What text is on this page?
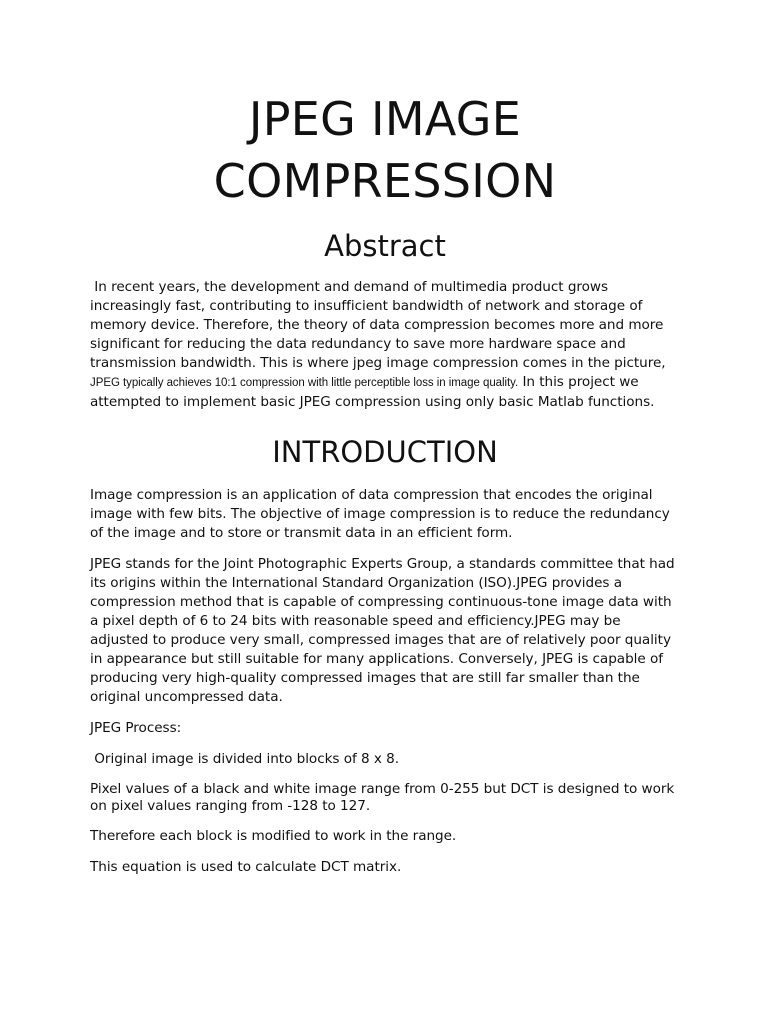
JPEG IMAGE
COMPRESSION
Abstract

In recent years, the development and demand of multimedia product grows increasingly fast, contributing to insufficient bandwidth of network and storage of memory device. Therefore, the theory of data compression becomes more and more significant for reducing the data redundancy to save more hardware space and transmission bandwidth. This is where jpeg image compression comes in the picture, JPEG typically achieves 10:1 compression with little perceptible loss in image quality. In this project we attempted to implement basic JPEG compression using only basic Matlab functions.

INTRODUCTION

Image compression is an application of data compression that encodes the original image with few bits. The objective of image compression is to reduce the redundancy of the image and to store or transmit data in an efficient form.

JPEG stands for the Joint Photographic Experts Group, a standards committee that had its origins within the International Standard Organization (ISO).JPEG provides a compression method that is capable of compressing continuous-tone image data with a pixel depth of 6 to 24 bits with reasonable speed and efficiency.JPEG may be adjusted to produce very small, compressed images that are of relatively poor quality in appearance but still suitable for many applications. Conversely, JPEG is capable of producing very high-quality compressed images that are still far smaller than the original uncompressed data.

JPEG Process:

Original image is divided into blocks of 8 x 8.

Pixel values of a black and white image range from 0-255 but DCT is designed to work on pixel values ranging from -128 to 127.

Therefore each block is modified to work in the range.

This equation is used to calculate DCT matrix.
